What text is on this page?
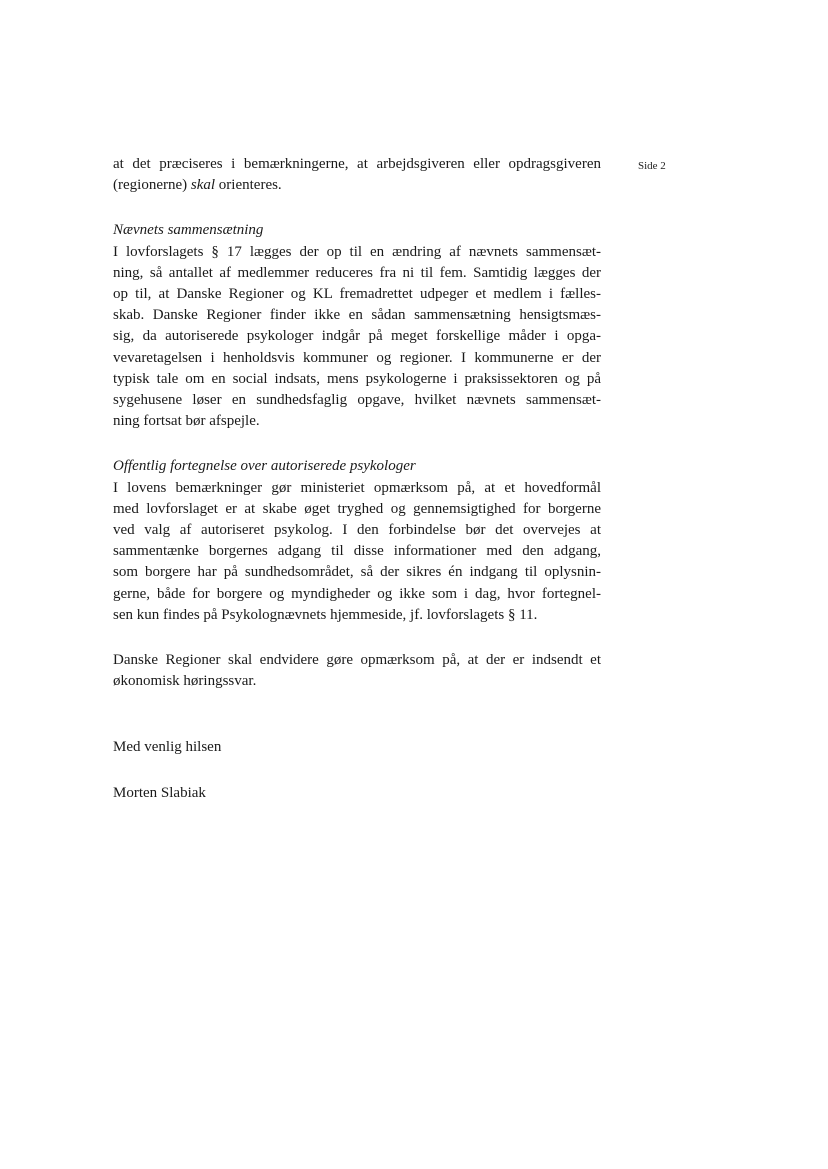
Side 2
at det præciseres i bemærkningerne, at arbejdsgiveren eller opdragsgiveren
(regionerne) skal orienteres.
Nævnets sammensætning
I lovforslagets § 17 lægges der op til en ændring af nævnets sammensæt-
ning, så antallet af medlemmer reduceres fra ni til fem. Samtidig lægges der
op til, at Danske Regioner og KL fremadrettet udpeger et medlem i fælles-
skab. Danske Regioner finder ikke en sådan sammensætning hensigtsmæs-
sig, da autoriserede psykologer indgår på meget forskellige måder i opga-
vevaretagelsen i henholdsvis kommuner og regioner. I kommunerne er der
typisk tale om en social indsats, mens psykologerne i praksissektoren og på
sygehusene løser en sundhedsfaglig opgave, hvilket nævnets sammensæt-
ning fortsat bør afspejle.
Offentlig fortegnelse over autoriserede psykologer
I lovens bemærkninger gør ministeriet opmærksom på, at et hovedformål
med lovforslaget er at skabe øget tryghed og gennemsigtighed for borgerne
ved valg af autoriseret psykolog. I den forbindelse bør det overvejes at
sammentænke borgernes adgang til disse informationer med den adgang,
som borgere har på sundhedsområdet, så der sikres én indgang til oplysnin-
gerne, både for borgere og myndigheder og ikke som i dag, hvor fortegnel-
sen kun findes på Psykolognævnets hjemmeside, jf. lovforslagets § 11.
Danske Regioner skal endvidere gøre opmærksom på, at der er indsendt et
økonomisk høringssvar.
Med venlig hilsen
Morten Slabiak
